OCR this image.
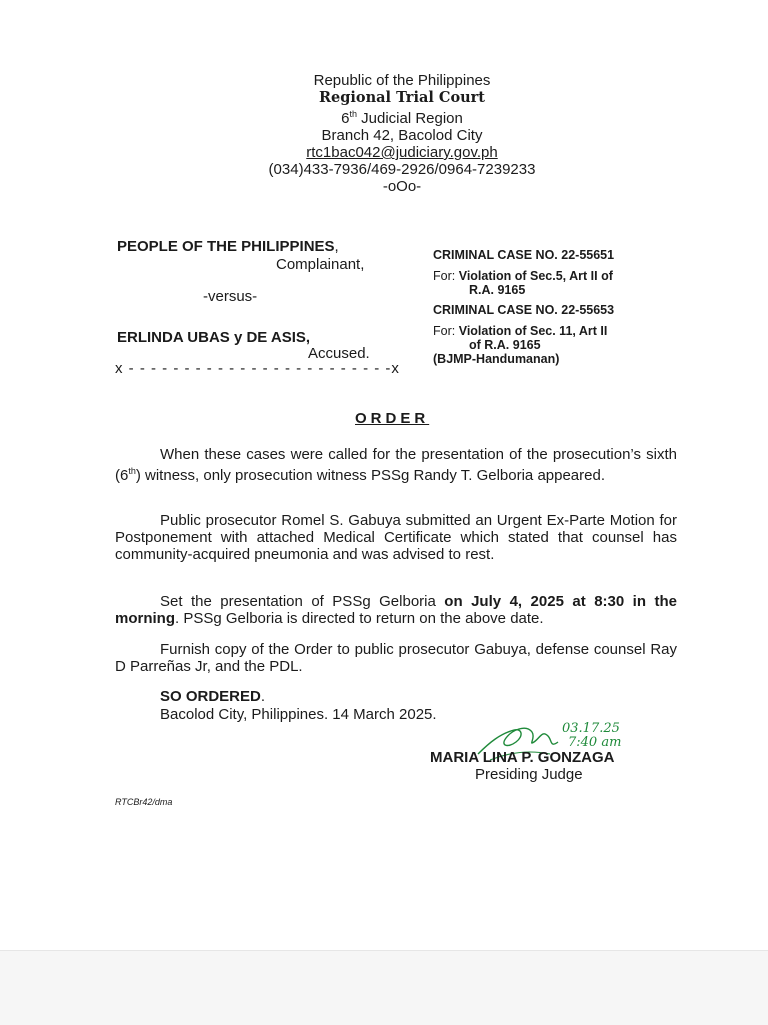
Republic of the Philippines
Regional Trial Court
6th Judicial Region
Branch 42, Bacolod City
rtc1bac042@judiciary.gov.ph
(034)433-7936/469-2926/0964-7239233
-oOo-
PEOPLE OF THE PHILIPPINES,
Complainant,
-versus-
ERLINDA UBAS y DE ASIS,
Accused.
x - - - - - - - - - - - - - - - - - - - - - - - -x
CRIMINAL CASE NO. 22-55651
For: Violation of Sec.5, Art II of
R.A. 9165
CRIMINAL CASE NO. 22-55653
For: Violation of Sec. 11, Art II
of R.A. 9165
(BJMP-Handumanan)
ORDER
When these cases were called for the presentation of the prosecution’s sixth (6th) witness, only prosecution witness PSSg Randy T. Gelboria appeared.
Public prosecutor Romel S. Gabuya submitted an Urgent Ex-Parte Motion for Postponement with attached Medical Certificate which stated that counsel has community-acquired pneumonia and was advised to rest.
Set the presentation of PSSg Gelboria on July 4, 2025 at 8:30 in the morning. PSSg Gelboria is directed to return on the above date.
Furnish copy of the Order to public prosecutor Gabuya, defense counsel Ray D Parreñas Jr, and the PDL.
SO ORDERED.
Bacolod City, Philippines. 14 March 2025.
03.17.25
7:40 am
MARIA LINA P. GONZAGA
Presiding Judge
RTCBr42/dma
